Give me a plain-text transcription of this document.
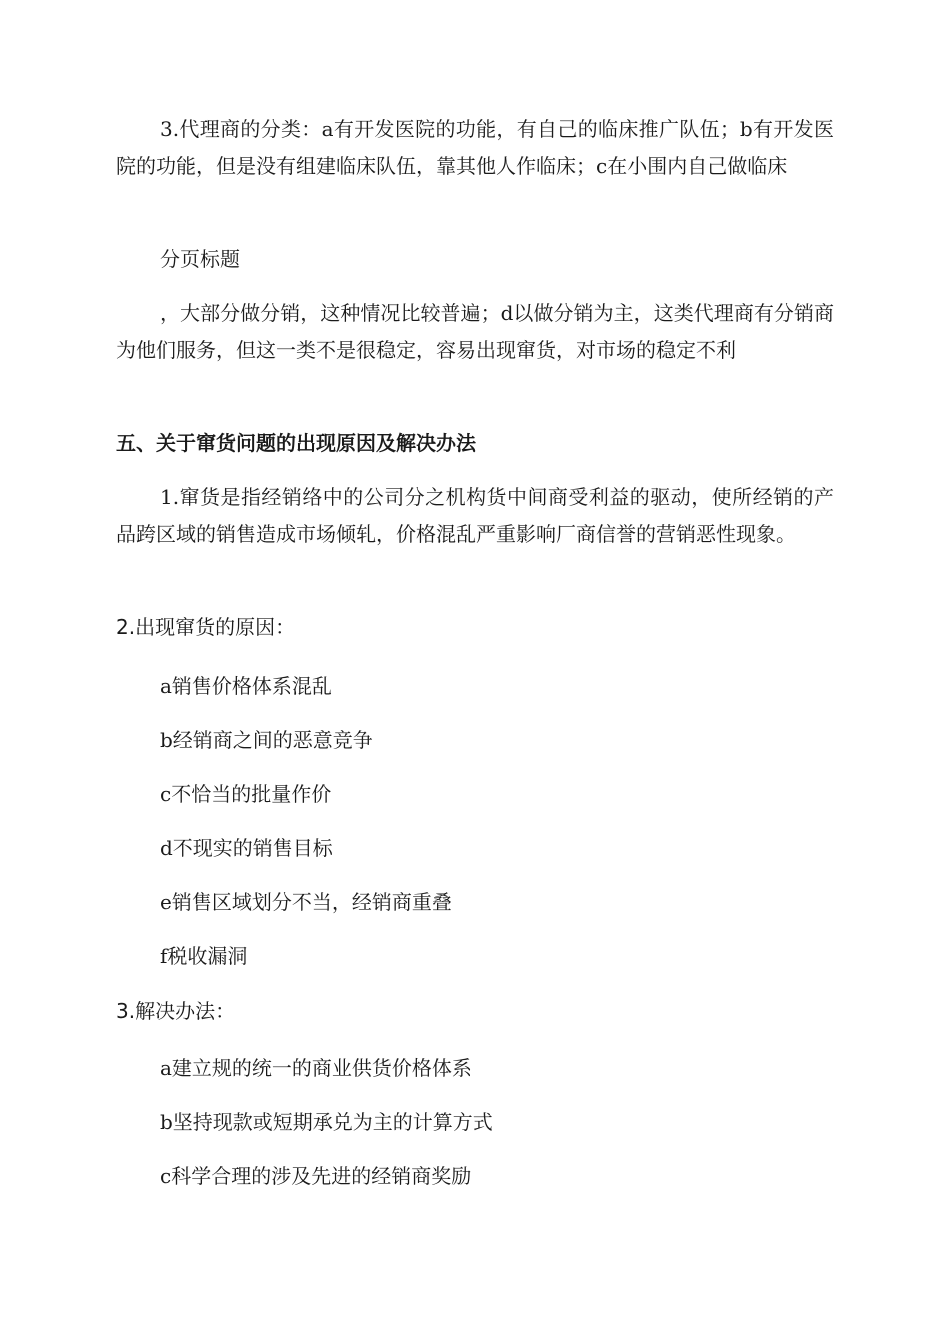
3.代理商的分类：a有开发医院的功能，有自己的临床推广队伍；b有开发医院的功能，但是没有组建临床队伍，靠其他人作临床；c在小围内自己做临床

分页标题

，大部分做分销，这种情况比较普遍；d以做分销为主，这类代理商有分销商为他们服务，但这一类不是很稳定，容易出现窜货，对市场的稳定不利

五、关于窜货问题的出现原因及解决办法

1.窜货是指经销络中的公司分之机构货中间商受利益的驱动，使所经销的产品跨区域的销售造成市场倾轧，价格混乱严重影响厂商信誉的营销恶性现象。

2.出现窜货的原因：

a销售价格体系混乱

b经销商之间的恶意竞争

c不恰当的批量作价

d不现实的销售目标

e销售区域划分不当，经销商重叠

f税收漏洞

3.解决办法：

a建立规的统一的商业供货价格体系

b坚持现款或短期承兑为主的计算方式

c科学合理的涉及先进的经销商奖励
